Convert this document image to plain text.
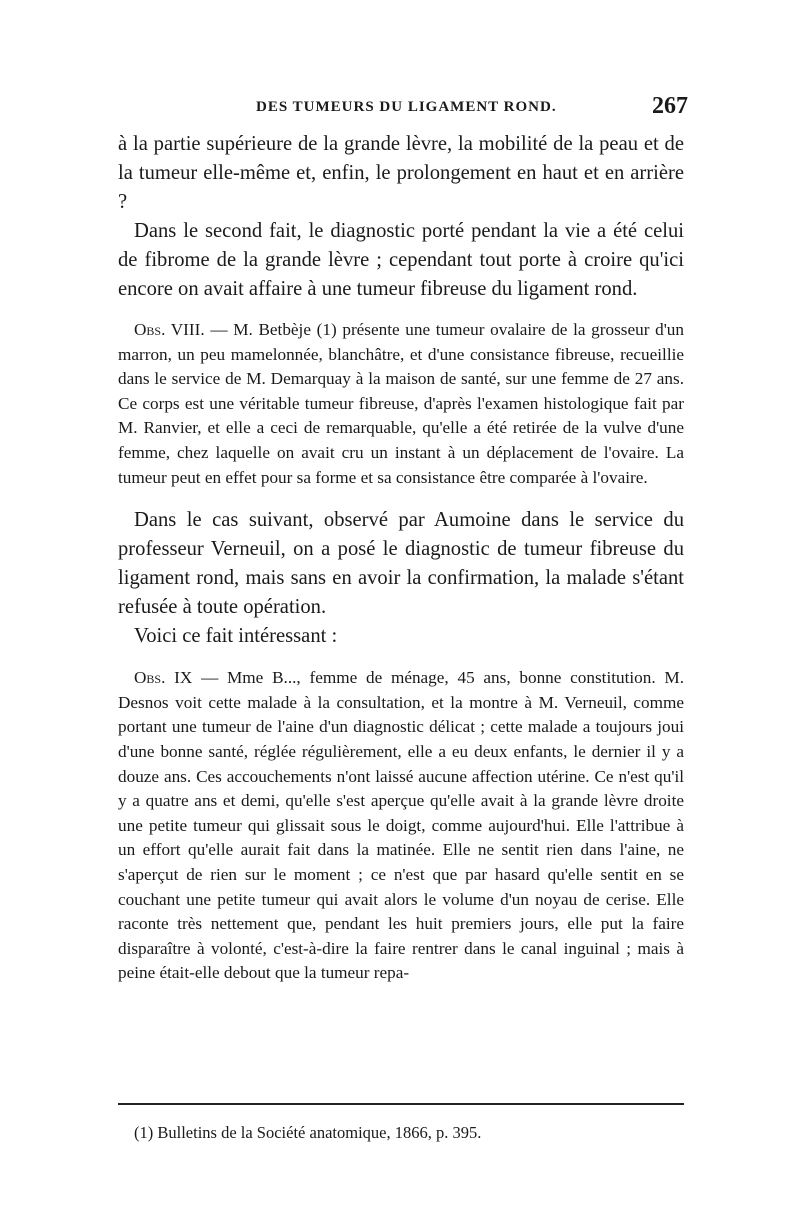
DES TUMEURS DU LIGAMENT ROND.	267

à la partie supérieure de la grande lèvre, la mobilité de la peau et de la tumeur elle-même et, enfin, le prolongement en haut et en arrière ?

Dans le second fait, le diagnostic porté pendant la vie a été celui de fibrome de la grande lèvre ; cependant tout porte à croire qu'ici encore on avait affaire à une tumeur fibreuse du ligament rond.

Obs. VIII. — M. Betbèje (1) présente une tumeur ovalaire de la grosseur d'un marron, un peu mamelonnée, blanchâtre, et d'une consistance fibreuse, recueillie dans le service de M. Demarquay à la maison de santé, sur une femme de 27 ans. Ce corps est une véritable tumeur fibreuse, d'après l'examen histologique fait par M. Ranvier, et elle a ceci de remarquable, qu'elle a été retirée de la vulve d'une femme, chez laquelle on avait cru un instant à un déplacement de l'ovaire. La tumeur peut en effet pour sa forme et sa consistance être comparée à l'ovaire.

Dans le cas suivant, observé par Aumoine dans le service du professeur Verneuil, on a posé le diagnostic de tumeur fibreuse du ligament rond, mais sans en avoir la confirmation, la malade s'étant refusée à toute opération.

Voici ce fait intéressant :

Obs. IX — Mme B..., femme de ménage, 45 ans, bonne constitution. M. Desnos voit cette malade à la consultation, et la montre à M. Verneuil, comme portant une tumeur de l'aine d'un diagnostic délicat ; cette malade a toujours joui d'une bonne santé, réglée régulièrement, elle a eu deux enfants, le dernier il y a douze ans. Ces accouchements n'ont laissé aucune affection utérine. Ce n'est qu'il y a quatre ans et demi, qu'elle s'est aperçue qu'elle avait à la grande lèvre droite une petite tumeur qui glissait sous le doigt, comme aujourd'hui. Elle l'attribue à un effort qu'elle aurait fait dans la matinée. Elle ne sentit rien dans l'aine, ne s'aperçut de rien sur le moment ; ce n'est que par hasard qu'elle sentit en se couchant une petite tumeur qui avait alors le volume d'un noyau de cerise. Elle raconte très nettement que, pendant les huit premiers jours, elle put la faire disparaître à volonté, c'est-à-dire la faire rentrer dans le canal inguinal ; mais à peine était-elle debout que la tumeur repa-

(1) Bulletins de la Société anatomique, 1866, p. 395.
